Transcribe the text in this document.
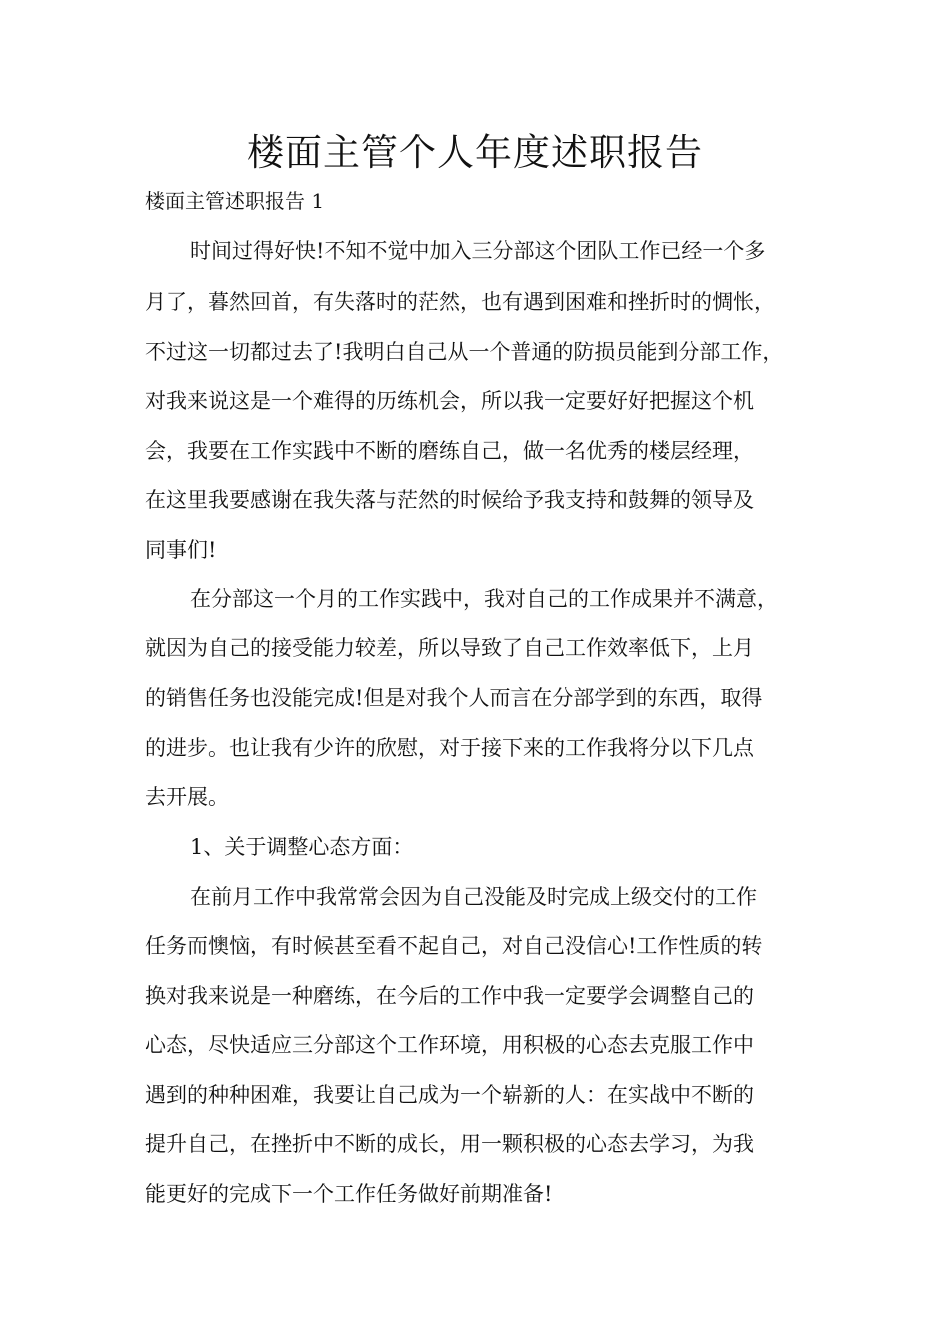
楼面主管个人年度述职报告

楼面主管述职报告 1

时间过得好快!不知不觉中加入三分部这个团队工作已经一个多

月了，暮然回首，有失落时的茫然，也有遇到困难和挫折时的惆怅，

不过这一切都过去了!我明白自己从一个普通的防损员能到分部工作，

对我来说这是一个难得的历练机会，所以我一定要好好把握这个机

会，我要在工作实践中不断的磨练自己，做一名优秀的楼层经理，

在这里我要感谢在我失落与茫然的时候给予我支持和鼓舞的领导及

同事们!

在分部这一个月的工作实践中，我对自己的工作成果并不满意，

就因为自己的接受能力较差，所以导致了自己工作效率低下，上月

的销售任务也没能完成!但是对我个人而言在分部学到的东西，取得

的进步。也让我有少许的欣慰，对于接下来的工作我将分以下几点

去开展。

1、关于调整心态方面：

在前月工作中我常常会因为自己没能及时完成上级交付的工作

任务而懊恼，有时候甚至看不起自己，对自己没信心!工作性质的转

换对我来说是一种磨练，在今后的工作中我一定要学会调整自己的

心态，尽快适应三分部这个工作环境，用积极的心态去克服工作中

遇到的种种困难，我要让自己成为一个崭新的人：在实战中不断的

提升自己，在挫折中不断的成长，用一颗积极的心态去学习，为我

能更好的完成下一个工作任务做好前期准备!
